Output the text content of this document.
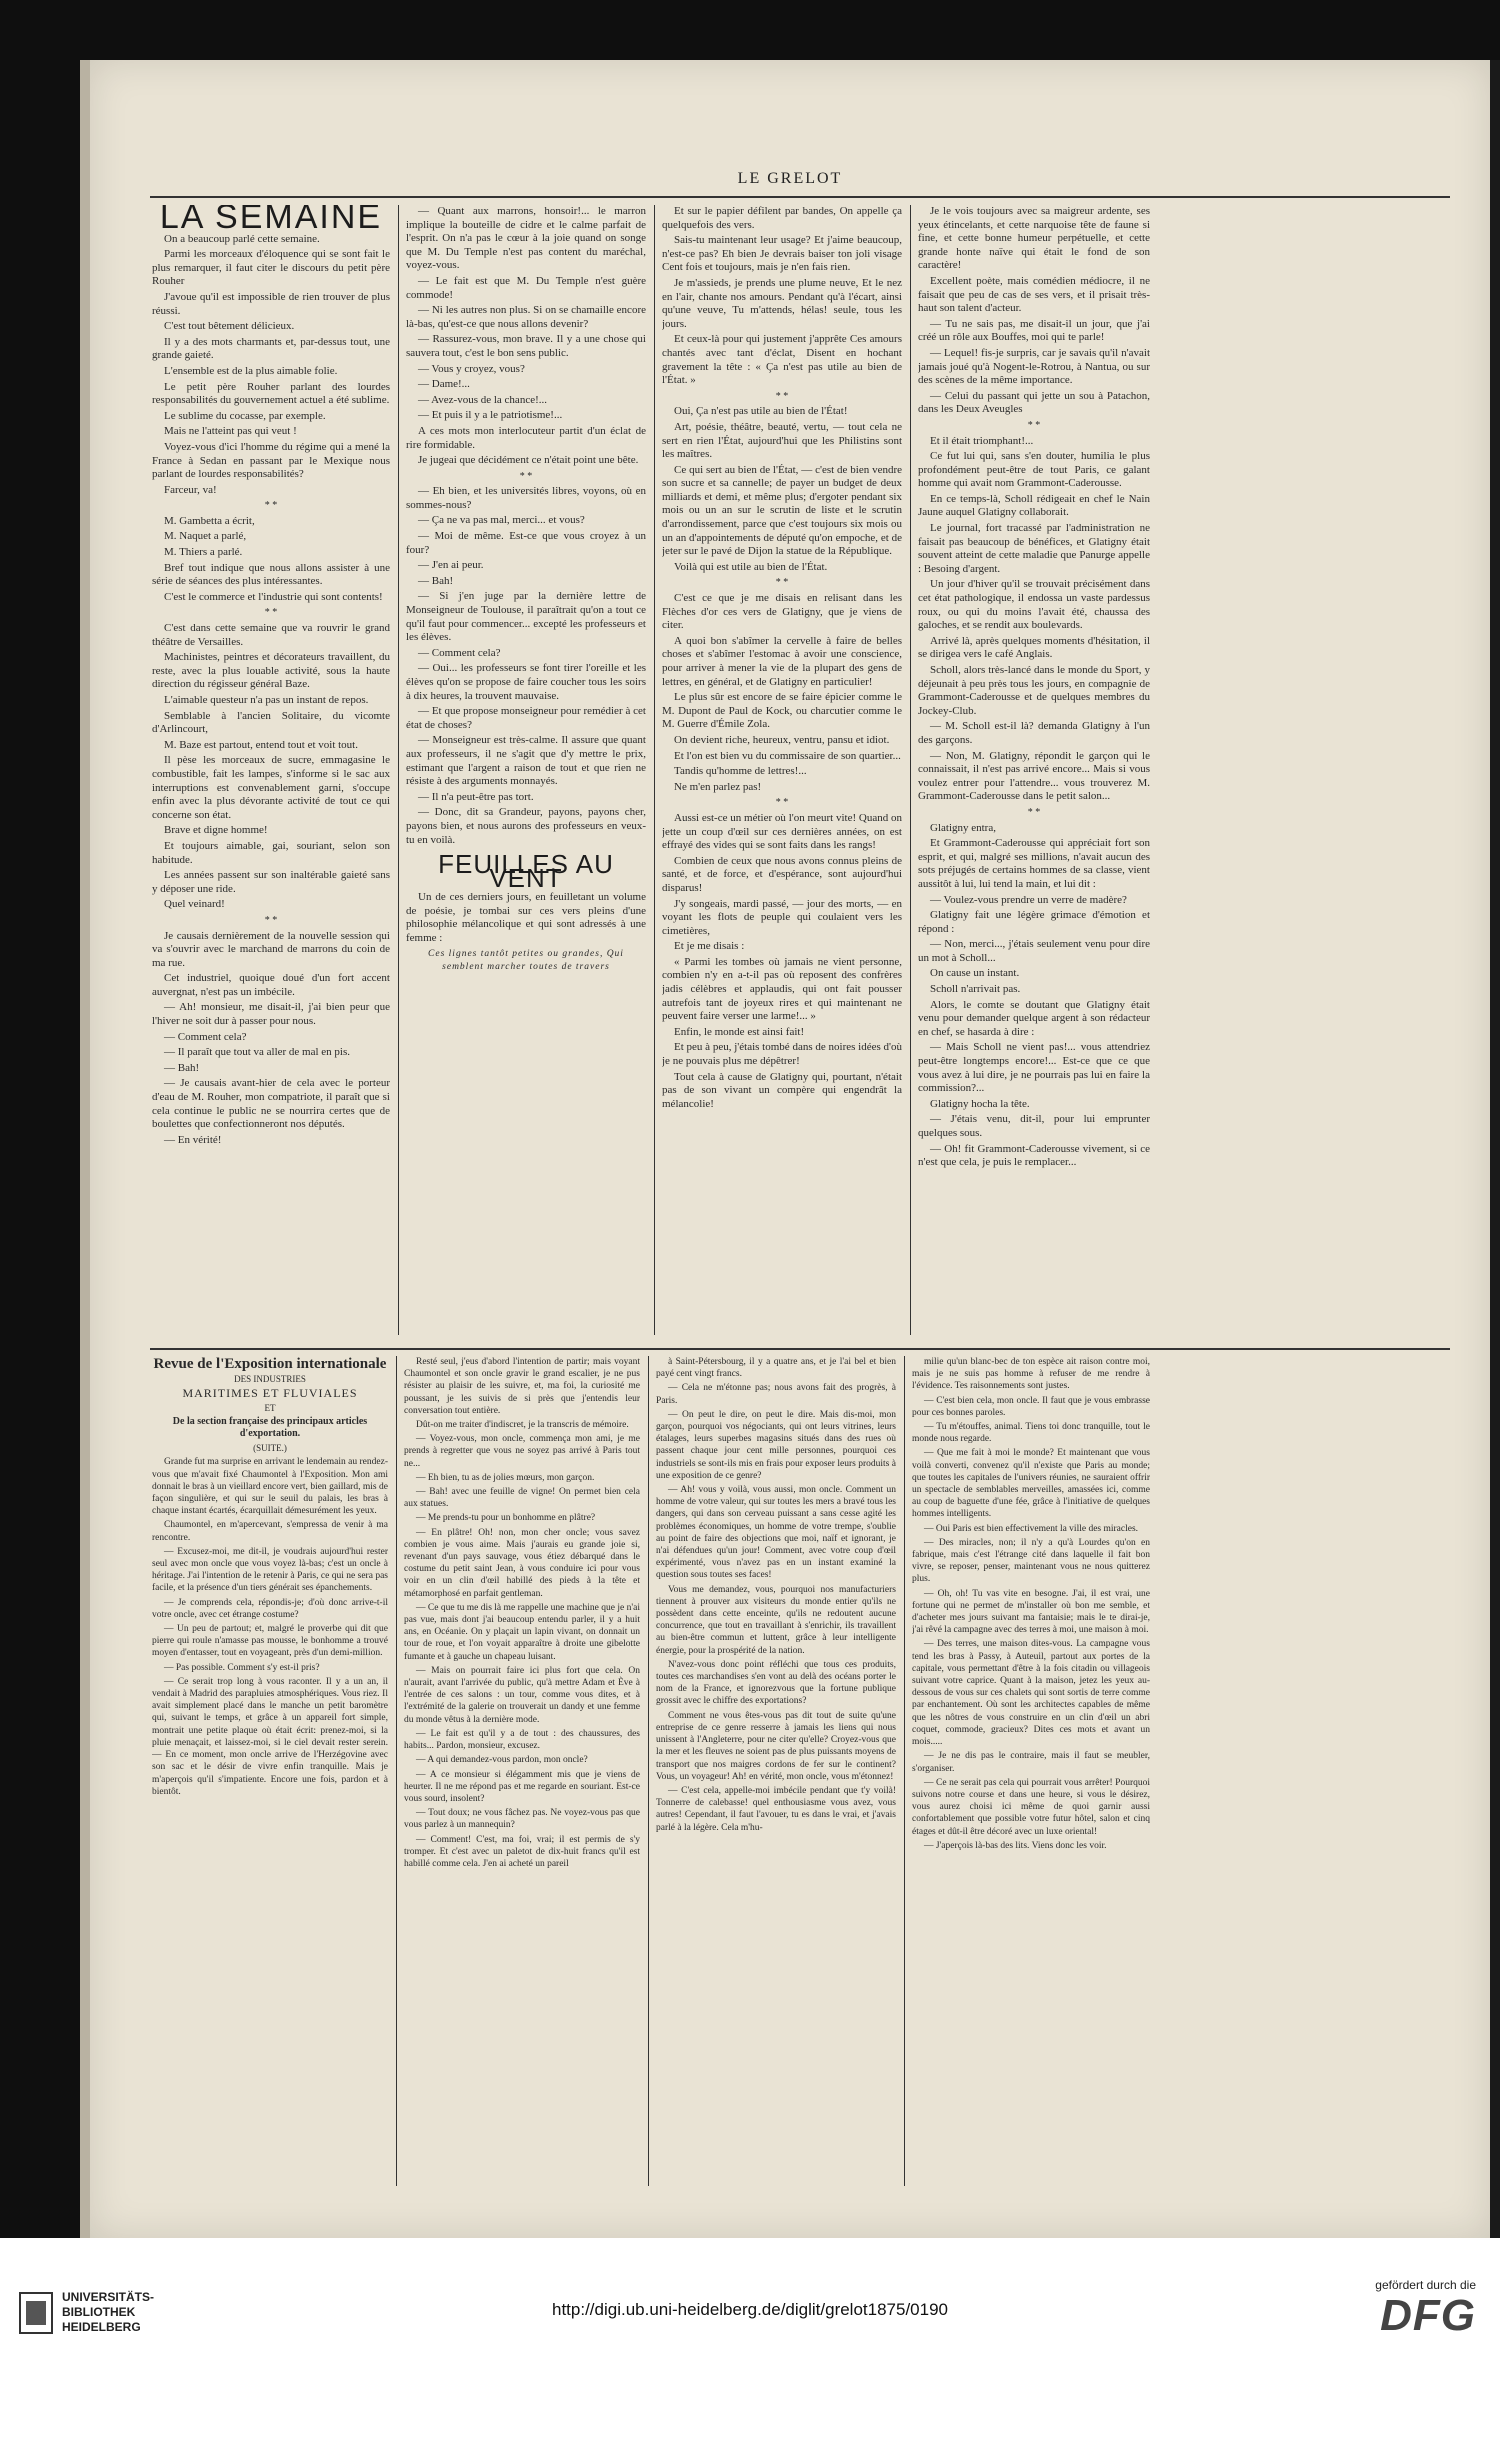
LE GRELOT
LA SEMAINE

On a beaucoup parlé cette semaine.

Parmi les morceaux d'éloquence qui se sont fait le plus remarquer, il faut citer le discours du petit père Rouher

J'avoue qu'il est impossible de rien trouver de plus réussi.

C'est tout bêtement délicieux.

Il y a des mots charmants et, par-dessus tout, une grande gaieté.

L'ensemble est de la plus aimable folie.

Le petit père Rouher parlant des lourdes responsabilités du gouvernement actuel a été sublime.

Le sublime du cocasse, par exemple.

Mais ne l'atteint pas qui veut !

Voyez-vous d'ici l'homme du régime qui a mené la France à Sedan en passant par le Mexique nous parlant de lourdes responsabilités?

Farceur, va!

* *

M. Gambetta a écrit,

M. Naquet a parlé,

M. Thiers a parlé.

Bref tout indique que nous allons assister à une série de séances des plus intéressantes.

C'est le commerce et l'industrie qui sont contents!

* *

C'est dans cette semaine que va rouvrir le grand théâtre de Versailles.

Machinistes, peintres et décorateurs travaillent, du reste, avec la plus louable activité, sous la haute direction du régisseur général Baze.

L'aimable questeur n'a pas un instant de repos.

Semblable à l'ancien Solitaire, du vicomte d'Arlincourt,

M. Baze est partout, entend tout et voit tout.

Il pèse les morceaux de sucre, emmagasine le combustible, fait les lampes, s'informe si le sac aux interruptions est convenablement garni, s'occupe enfin avec la plus dévorante activité de tout ce qui concerne son état.

Brave et digne homme!

Et toujours aimable, gai, souriant, selon son habitude.

Les années passent sur son inaltérable gaieté sans y déposer une ride.

Quel veinard!

* *

Je causais dernièrement de la nouvelle session qui va s'ouvrir avec le marchand de marrons du coin de ma rue.

Cet industriel, quoique doué d'un fort accent auvergnat, n'est pas un imbécile.

— Ah! monsieur, me disait-il, j'ai bien peur que l'hiver ne soit dur à passer pour nous.

— Comment cela?

— Il paraît que tout va aller de mal en pis.

— Bah!

— Je causais avant-hier de cela avec le porteur d'eau de M. Rouher, mon compatriote, il paraît que si cela continue le public ne se nourrira certes que de boulettes que confectionneront nos députés.

— En vérité!

— Quant aux marrons, honsoir!... le marron implique la bouteille de cidre et le calme parfait de l'esprit. On n'a pas le cœur à la joie quand on songe que M. Du Temple n'est pas content du maréchal, voyez-vous.

— Le fait est que M. Du Temple n'est guère commode!

— Ni les autres non plus. Si on se chamaille encore là-bas, qu'est-ce que nous allons devenir?

— Rassurez-vous, mon brave. Il y a une chose qui sauvera tout, c'est le bon sens public.

— Vous y croyez, vous?

— Dame!...

— Avez-vous de la chance!...

— Et puis il y a le patriotisme!...

A ces mots mon interlocuteur partit d'un éclat de rire formidable.

Je jugeai que décidément ce n'était point une bête.

* *

— Eh bien, et les universités libres, voyons, où en sommes-nous?

— Ça ne va pas mal, merci... et vous?

— Moi de même. Est-ce que vous croyez à un four?

— J'en ai peur.

— Bah!

— Si j'en juge par la dernière lettre de Monseigneur de Toulouse, il paraîtrait qu'on a tout ce qu'il faut pour commencer... excepté les professeurs et les élèves.

— Comment cela?

— Oui... les professeurs se font tirer l'oreille et les élèves qu'on se propose de faire coucher tous les soirs à dix heures, la trouvent mauvaise.

— Et que propose monseigneur pour remédier à cet état de choses?

— Monseigneur est très-calme. Il assure que quant aux professeurs, il ne s'agit que d'y mettre le prix, estimant que l'argent a raison de tout et que rien ne résiste à des arguments monnayés.

— Il n'a peut-être pas tort.

— Donc, dit sa Grandeur, payons, payons cher, payons bien, et nous aurons des professeurs en veux-tu en voilà.

FEUILLES AU VENT

Un de ces derniers jours, en feuilletant un volume de poésie, je tombai sur ces vers pleins d'une philosophie mélancolique et qui sont adressés à une femme :

Ces lignes tantôt petites ou grandes, Qui semblent marcher toutes de travers

Et sur le papier défilent par bandes, On appelle ça quelquefois des vers.

Sais-tu maintenant leur usage? Et j'aime beaucoup, n'est-ce pas? Eh bien Je devrais baiser ton joli visage Cent fois et toujours, mais je n'en fais rien.

Je m'assieds, je prends une plume neuve, Et le nez en l'air, chante nos amours. Pendant qu'à l'écart, ainsi qu'une veuve, Tu m'attends, hélas! seule, tous les jours.

Et ceux-là pour qui justement j'apprête Ces amours chantés avec tant d'éclat, Disent en hochant gravement la tête : « Ça n'est pas utile au bien de l'État. »

* *

Oui, Ça n'est pas utile au bien de l'État!

Art, poésie, théâtre, beauté, vertu, — tout cela ne sert en rien l'État, aujourd'hui que les Philistins sont les maîtres.

Ce qui sert au bien de l'État, — c'est de bien vendre son sucre et sa cannelle; de payer un budget de deux milliards et demi, et même plus; d'ergoter pendant six mois ou un an sur le scrutin de liste et le scrutin d'arrondissement, parce que c'est toujours six mois ou un an d'appointements de député qu'on empoche, et de jeter sur le pavé de Dijon la statue de la République.

Voilà qui est utile au bien de l'État.

* *

C'est ce que je me disais en relisant dans les Flèches d'or ces vers de Glatigny, que je viens de citer.

A quoi bon s'abîmer la cervelle à faire de belles choses et s'abîmer l'estomac à avoir une conscience, pour arriver à mener la vie de la plupart des gens de lettres, en général, et de Glatigny en particulier!

Le plus sûr est encore de se faire épicier comme le M. Dupont de Paul de Kock, ou charcutier comme le M. Guerre d'Émile Zola.

On devient riche, heureux, ventru, pansu et idiot.

Et l'on est bien vu du commissaire de son quartier...

Tandis qu'homme de lettres!...

Ne m'en parlez pas!

* *

Aussi est-ce un métier où l'on meurt vite! Quand on jette un coup d'œil sur ces dernières années, on est effrayé des vides qui se sont faits dans les rangs!

Combien de ceux que nous avons connus pleins de santé, et de force, et d'espérance, sont aujourd'hui disparus!

J'y songeais, mardi passé, — jour des morts, — en voyant les flots de peuple qui coulaient vers les cimetières,

Et je me disais :

« Parmi les tombes où jamais ne vient personne, combien n'y en a-t-il pas où reposent des confrères jadis célèbres et applaudis, qui ont fait pousser autrefois tant de joyeux rires et qui maintenant ne peuvent faire verser une larme!... »

Enfin, le monde est ainsi fait!

Et peu à peu, j'étais tombé dans de noires idées d'où je ne pouvais plus me dépêtrer!

Tout cela à cause de Glatigny qui, pourtant, n'était pas de son vivant un compère qui engendrât la mélancolie!

Je le vois toujours avec sa maigreur ardente, ses yeux étincelants, et cette narquoise tête de faune si fine, et cette bonne humeur perpétuelle, et cette grande honte naïve qui était le fond de son caractère!

Excellent poète, mais comédien médiocre, il ne faisait que peu de cas de ses vers, et il prisait très-haut son talent d'acteur.

— Tu ne sais pas, me disait-il un jour, que j'ai créé un rôle aux Bouffes, moi qui te parle!

— Lequel! fis-je surpris, car je savais qu'il n'avait jamais joué qu'à Nogent-le-Rotrou, à Nantua, ou sur des scènes de la même importance.

— Celui du passant qui jette un sou à Patachon, dans les Deux Aveugles

* *

Et il était triomphant!...

Ce fut lui qui, sans s'en douter, humilia le plus profondément peut-être de tout Paris, ce galant homme qui avait nom Grammont-Caderousse.

En ce temps-là, Scholl rédigeait en chef le Nain Jaune auquel Glatigny collaborait.

Le journal, fort tracassé par l'administration ne faisait pas beaucoup de bénéfices, et Glatigny était souvent atteint de cette maladie que Panurge appelle : Besoing d'argent.

Un jour d'hiver qu'il se trouvait précisément dans cet état pathologique, il endossa un vaste pardessus roux, ou qui du moins l'avait été, chaussa des galoches, et se rendit aux boulevards.

Arrivé là, après quelques moments d'hésitation, il se dirigea vers le café Anglais.

Scholl, alors très-lancé dans le monde du Sport, y déjeunait à peu près tous les jours, en compagnie de Grammont-Caderousse et de quelques membres du Jockey-Club.

— M. Scholl est-il là? demanda Glatigny à l'un des garçons.

— Non, M. Glatigny, répondit le garçon qui le connaissait, il n'est pas arrivé encore... Mais si vous voulez entrer pour l'attendre... vous trouverez M. Grammont-Caderousse dans le petit salon...

* *

Glatigny entra,

Et Grammont-Caderousse qui appréciait fort son esprit, et qui, malgré ses millions, n'avait aucun des sots préjugés de certains hommes de sa classe, vient aussitôt à lui, lui tend la main, et lui dit :

— Voulez-vous prendre un verre de madère?

Glatigny fait une légère grimace d'émotion et répond :

— Non, merci..., j'étais seulement venu pour dire un mot à Scholl...

On cause un instant.

Scholl n'arrivait pas.

Alors, le comte se doutant que Glatigny était venu pour demander quelque argent à son rédacteur en chef, se hasarda à dire :

— Mais Scholl ne vient pas!... vous attendriez peut-être longtemps encore!... Est-ce que ce que vous avez à lui dire, je ne pourrais pas lui en faire la commission?...

Glatigny hocha la tête.

— J'étais venu, dit-il, pour lui emprunter quelques sous.

— Oh! fit Grammont-Caderousse vivement, si ce n'est que cela, je puis le remplacer...

Revue de l'Exposition internationale

DES INDUSTRIES

MARITIMES ET FLUVIALES

ET

De la section française des principaux articles d'exportation.

(SUITE.)

Grande fut ma surprise en arrivant le lendemain au rendez-vous que m'avait fixé Chaumontel à l'Exposition. Mon ami donnait le bras à un vieillard encore vert, bien gaillard, mis de façon singulière, et qui sur le seuil du palais, les bras à chaque instant écartés, écarquillait démesurément les yeux.

Chaumontel, en m'apercevant, s'empressa de venir à ma rencontre.

— Excusez-moi, me dit-il, je voudrais aujourd'hui rester seul avec mon oncle que vous voyez là-bas; c'est un oncle à héritage. J'ai l'intention de le retenir à Paris, ce qui ne sera pas facile, et la présence d'un tiers générait ses épanchements.

— Je comprends cela, répondis-je; d'où donc arrive-t-il votre oncle, avec cet étrange costume?

— Un peu de partout; et, malgré le proverbe qui dit que pierre qui roule n'amasse pas mousse, le bonhomme a trouvé moyen d'entasser, tout en voyageant, près d'un demi-million.

— Pas possible. Comment s'y est-il pris?

— Ce serait trop long à vous raconter. Il y a un an, il vendait à Madrid des parapluies atmosphériques. Vous riez. Il avait simplement placé dans le manche un petit baromètre qui, suivant le temps, et grâce à un appareil fort simple, montrait une petite plaque où était écrit: prenez-moi, si la pluie menaçait, et laissez-moi, si le ciel devait rester serein. — En ce moment, mon oncle arrive de l'Herzégovine avec son sac et le désir de vivre enfin tranquille. Mais je m'aperçois qu'il s'impatiente. Encore une fois, pardon et à bientôt.

Resté seul, j'eus d'abord l'intention de partir; mais voyant Chaumontel et son oncle gravir le grand escalier, je ne pus résister au plaisir de les suivre, et, ma foi, la curiosité me poussant, je les suivis de si près que j'entendis leur conversation tout entière.

Dût-on me traiter d'indiscret, je la transcris de mémoire.

— Voyez-vous, mon oncle, commença mon ami, je me prends à regretter que vous ne soyez pas arrivé à Paris tout ne...

— Eh bien, tu as de jolies mœurs, mon garçon.

— Bah! avec une feuille de vigne! On permet bien cela aux statues.

— Me prends-tu pour un bonhomme en plâtre?

— En plâtre! Oh! non, mon cher oncle; vous savez combien je vous aime. Mais j'aurais eu grande joie si, revenant d'un pays sauvage, vous étiez débarqué dans le costume du petit saint Jean, à vous conduire ici pour vous voir en un clin d'œil habillé des pieds à la tête et métamorphosé en parfait gentleman.

— Ce que tu me dis là me rappelle une machine que je n'ai pas vue, mais dont j'ai beaucoup entendu parler, il y a huit ans, en Océanie. On y plaçait un lapin vivant, on donnait un tour de roue, et l'on voyait apparaître à droite une gibelotte fumante et à gauche un chapeau luisant.

— Mais on pourrait faire ici plus fort que cela. On n'aurait, avant l'arrivée du public, qu'à mettre Adam et Ève à l'entrée de ces salons : un tour, comme vous dites, et à l'extrémité de la galerie on trouverait un dandy et une femme du monde vêtus à la dernière mode.

— Le fait est qu'il y a de tout : des chaussures, des habits... Pardon, monsieur, excusez.

— A qui demandez-vous pardon, mon oncle?

— A ce monsieur si élégamment mis que je viens de heurter. Il ne me répond pas et me regarde en souriant. Est-ce vous sourd, insolent?

— Tout doux; ne vous fâchez pas. Ne voyez-vous pas que vous parlez à un mannequin?

— Comment! C'est, ma foi, vrai; il est permis de s'y tromper. Et c'est avec un paletot de dix-huit francs qu'il est habillé comme cela. J'en ai acheté un pareil

à Saint-Pétersbourg, il y a quatre ans, et je l'ai bel et bien payé cent vingt francs.

— Cela ne m'étonne pas; nous avons fait des progrès, à Paris.

— On peut le dire, on peut le dire. Mais dis-moi, mon garçon, pourquoi vos négociants, qui ont leurs vitrines, leurs étalages, leurs superbes magasins situés dans des rues où passent chaque jour cent mille personnes, pourquoi ces industriels se sont-ils mis en frais pour exposer leurs produits à une exposition de ce genre?

— Ah! vous y voilà, vous aussi, mon oncle. Comment un homme de votre valeur, qui sur toutes les mers a bravé tous les dangers, qui dans son cerveau puissant a sans cesse agité les problèmes économiques, un homme de votre trempe, s'oublie au point de faire des objections que moi, naïf et ignorant, je n'ai défendues qu'un jour! Comment, avec votre coup d'œil expérimenté, vous n'avez pas en un instant examiné la question sous toutes ses faces!

Vous me demandez, vous, pourquoi nos manufacturiers tiennent à prouver aux visiteurs du monde entier qu'ils ne possèdent dans cette enceinte, qu'ils ne redoutent aucune concurrence, que tout en travaillant à s'enrichir, ils travaillent au bien-être commun et luttent, grâce à leur intelligente énergie, pour la prospérité de la nation.

N'avez-vous donc point réfléchi que tous ces produits, toutes ces marchandises s'en vont au delà des océans porter le nom de la France, et ignorezvous que la fortune publique grossit avec le chiffre des exportations?

Comment ne vous êtes-vous pas dit tout de suite qu'une entreprise de ce genre resserre à jamais les liens qui nous unissent à l'Angleterre, pour ne citer qu'elle? Croyez-vous que la mer et les fleuves ne soient pas de plus puissants moyens de transport que nos maigres cordons de fer sur le continent? Vous, un voyageur! Ah! en vérité, mon oncle, vous m'étonnez!

— C'est cela, appelle-moi imbécile pendant que t'y voilà! Tonnerre de calebasse! quel enthousiasme vous avez, vous autres! Cependant, il faut l'avouer, tu es dans le vrai, et j'avais parlé à la légère. Cela m'hu-

milie qu'un blanc-bec de ton espèce ait raison contre moi, mais je ne suis pas homme à refuser de me rendre à l'évidence. Tes raisonnements sont justes.

— C'est bien cela, mon oncle. Il faut que je vous embrasse pour ces bonnes paroles.

— Tu m'étouffes, animal. Tiens toi donc tranquille, tout le monde nous regarde.

— Que me fait à moi le monde? Et maintenant que vous voilà converti, convenez qu'il n'existe que Paris au monde; que toutes les capitales de l'univers réunies, ne sauraient offrir un spectacle de semblables merveilles, amassées ici, comme au coup de baguette d'une fée, grâce à l'initiative de quelques hommes intelligents.

— Oui Paris est bien effectivement la ville des miracles.

— Des miracles, non; il n'y a qu'à Lourdes qu'on en fabrique, mais c'est l'étrange cité dans laquelle il fait bon vivre, se reposer, penser, maintenant vous ne nous quitterez plus.

— Oh, oh! Tu vas vite en besogne. J'ai, il est vrai, une fortune qui ne permet de m'installer où bon me semble, et d'acheter mes jours suivant ma fantaisie; mais le te dirai-je, j'ai rêvé la campagne avec des terres à moi, une maison à moi.

— Des terres, une maison dites-vous. La campagne vous tend les bras à Passy, à Auteuil, partout aux portes de la capitale, vous permettant d'être à la fois citadin ou villageois suivant votre caprice. Quant à la maison, jetez les yeux au-dessous de vous sur ces chalets qui sont sortis de terre comme par enchantement. Où sont les architectes capables de même que les nôtres de vous construire en un clin d'œil un abri coquet, commode, gracieux? Dites ces mots et avant un mois.....

— Je ne dis pas le contraire, mais il faut se meubler, s'organiser.

— Ce ne serait pas cela qui pourrait vous arrêter! Pourquoi suivons notre course et dans une heure, si vous le désirez, vous aurez choisi ici même de quoi garnir aussi confortablement que possible votre futur hôtel, salon et cinq étages et dût-il être décoré avec un luxe oriental!

— J'aperçois là-bas des lits. Viens donc les voir.

UNIVERSITÄTS-
BIBLIOTHEK
HEIDELBERG
http://digi.ub.uni-heidelberg.de/diglit/grelot1875/0190
gefördert durch die
DFG
